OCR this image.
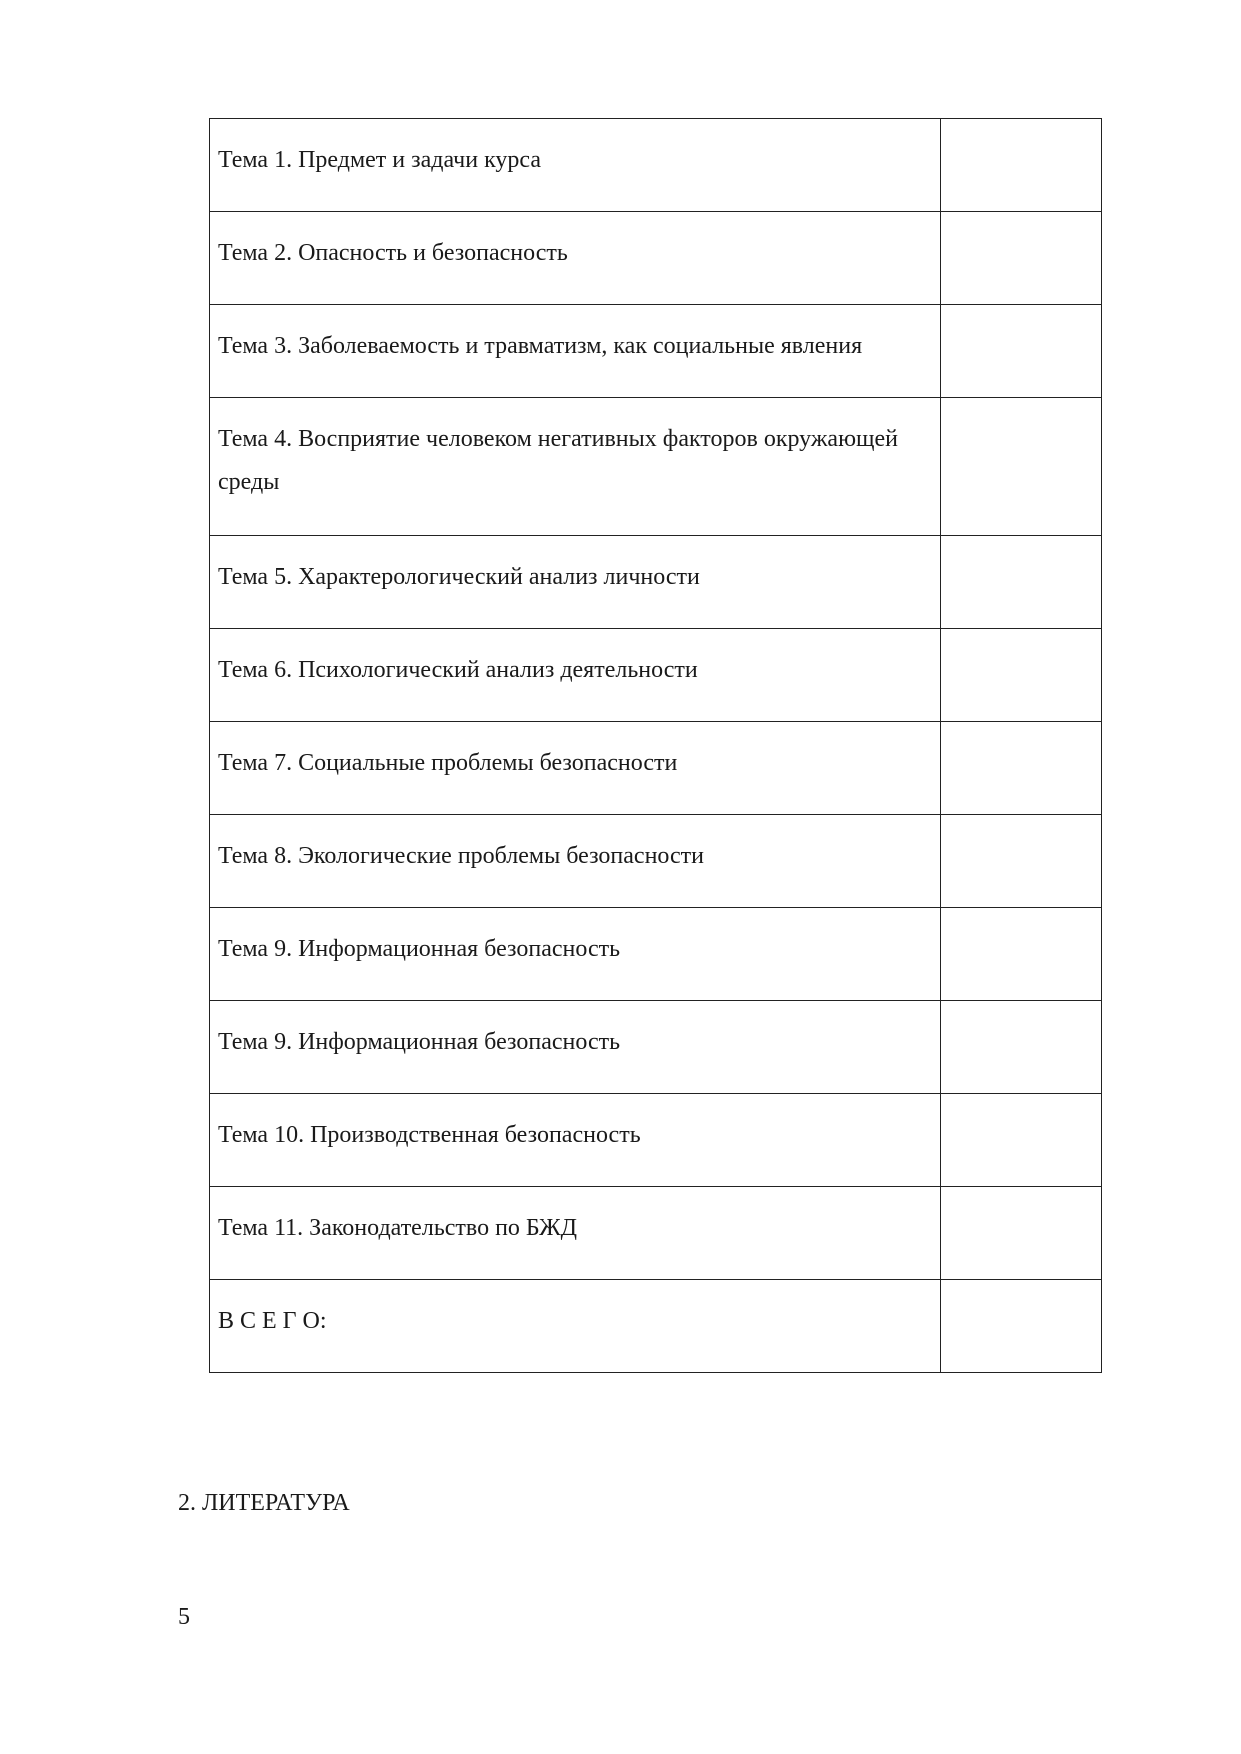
Тема 1. Предмет и задачи курса	

Тема 2. Опасность и безопасность	

Тема 3. Заболеваемость и травматизм, как социальные явления	

Тема 4. Восприятие человеком негативных факторов окружающей среды	

Тема 5. Характерологический анализ личности	

Тема 6. Психологический анализ деятельности	

Тема 7. Социальные проблемы безопасности	

Тема 8. Экологические проблемы безопасности	

Тема 9. Информационная безопасность	

Тема 9. Информационная безопасность	

Тема 10. Производственная безопасность	

Тема 11. Законодательство по БЖД	

В С Е Г О:	

2. ЛИТЕРАТУРА
5
